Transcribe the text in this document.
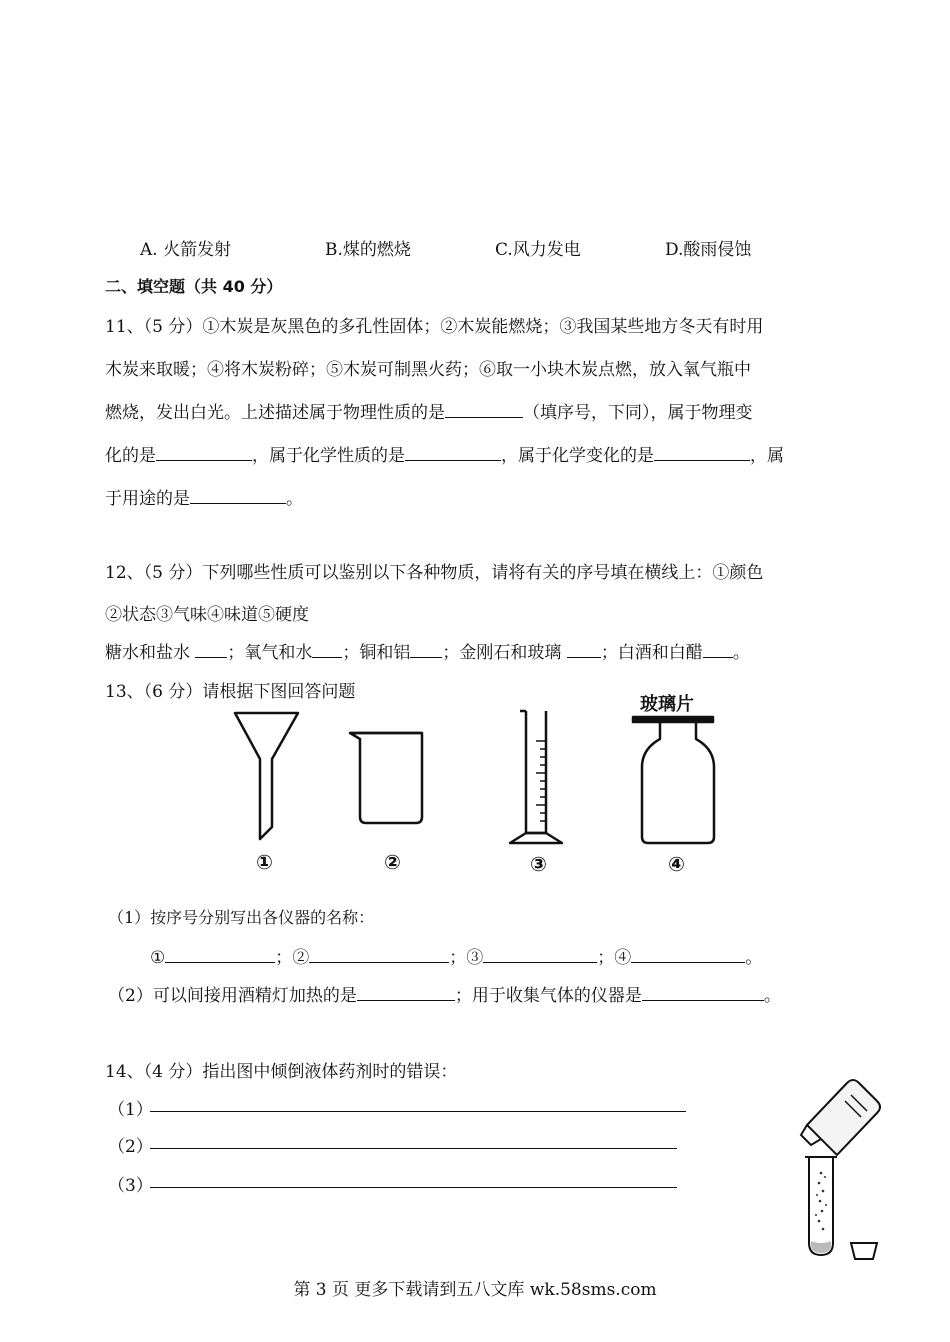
A. 火箭发射	B.煤的燃烧	C.风力发电	D.酸雨侵蚀
二、填空题（共 40 分）
11、（5 分）①木炭是灰黑色的多孔性固体；②木炭能燃烧；③我国某些地方冬天有时用
木炭来取暖；④将木炭粉碎；⑤木炭可制黑火药；⑥取一小块木炭点燃，放入氧气瓶中
燃烧，发出白光。上述描述属于物理性质的是	（填序号，下同），属于物理变
化的是	，属于化学性质的是	，属于化学变化的是	，属
于用途的是	。
12、（5 分）下列哪些性质可以鉴别以下各种物质，请将有关的序号填在横线上：①颜色
②状态③气味④味道⑤硬度
糖水和盐水 ；氧气和水 ；铜和铝 ；金刚石和玻璃 ；白酒和白醋 。
13、（6 分）请根据下图回答问题
玻璃片
①	②	③	④
（1）按序号分别写出各仪器的名称：
①	；②	；③	；④	。
（2）可以间接用酒精灯加热的是	；用于收集气体的仪器是	。
14、（4 分）指出图中倾倒液体药剂时的错误：
（1）
（2）
（3）
第 3 页 更多下载请到五八文库 wk.58sms.com
